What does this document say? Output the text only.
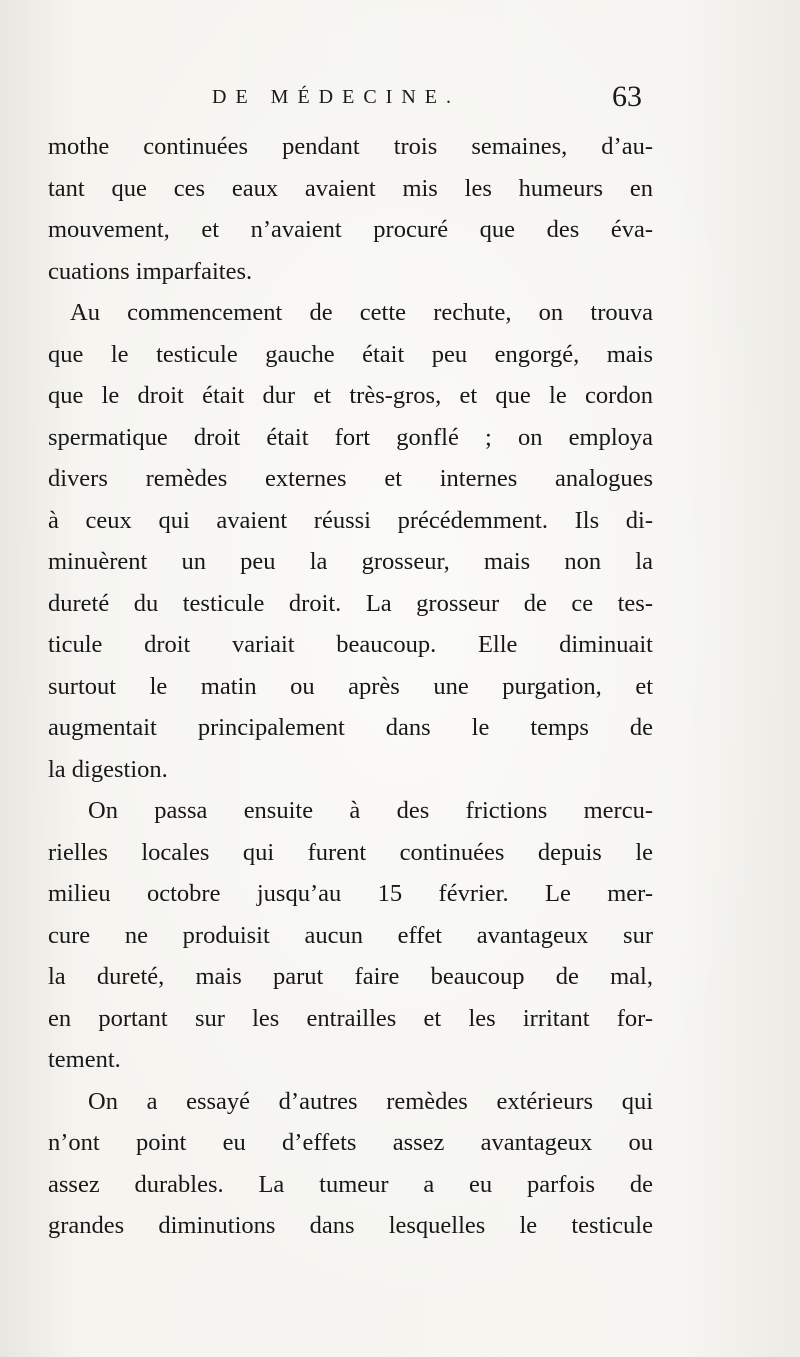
DE MÉDECINE.	63
mothe continuées pendant trois semaines, d’au-
tant que ces eaux avaient mis les humeurs en
mouvement, et n’avaient procuré que des éva-
cuations imparfaites.
Au commencement de cette rechute, on trouva
que le testicule gauche était peu engorgé, mais
que le droit était dur et très-gros, et que le cordon
spermatique droit était fort gonflé ; on employa
divers remèdes externes et internes analogues
à ceux qui avaient réussi précédemment. Ils di-
minuèrent un peu la grosseur, mais non la
dureté du testicule droit. La grosseur de ce tes-
ticule droit variait beaucoup. Elle diminuait
surtout le matin ou après une purgation, et
augmentait principalement dans le temps de
la digestion.
On passa ensuite à des frictions mercu-
rielles locales qui furent continuées depuis le
milieu octobre jusqu’au 15 février. Le mer-
cure ne produisit aucun effet avantageux sur
la dureté, mais parut faire beaucoup de mal,
en portant sur les entrailles et les irritant for-
tement.
On a essayé d’autres remèdes extérieurs qui
n’ont point eu d’effets assez avantageux ou
assez durables. La tumeur a eu parfois de
grandes diminutions dans lesquelles le testicule
